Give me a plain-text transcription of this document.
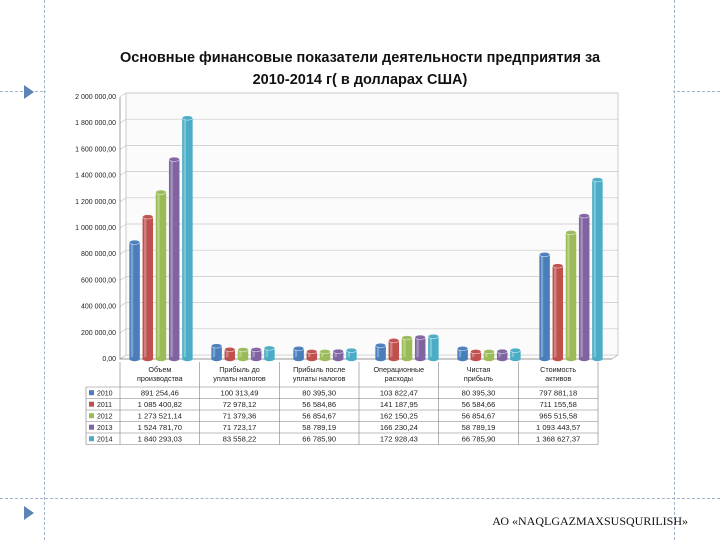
Основные финансовые показатели деятельности предприятия за 2010-2014 г( в долларах США)
0,00
200 000,00
400 000,00
600 000,00
800 000,00
1 000 000,00
1 200 000,00
1 400 000,00
1 600 000,00
1 800 000,00
2 000 000,00
Объем
производства
Прибыль до
уплаты налогов
Прибыль после
уплаты налогов
Операционные
расходы
Чистая
прибыль
Стоимость
активов
2010	891 254,46	100 313,49	80 395,30	103 822,47	80 395,30	797 881,18
2011	1 085 400,82	72 978,12	56 584,86	141 187,95	56 584,66	711 155,58
2012	1 273 521,14	71 379,36	56 854,67	162 150,25	56 854,67	965 515,58
2013	1 524 781,70	71 723,17	58 789,19	166 230,24	58 789,19	1 093 443,57
2014	1 840 293,03	83 558,22	66 785,90	172 928,43	66 785,90	1 368 627,37
АО «NAQLGAZMAXSUSQURILISH»
